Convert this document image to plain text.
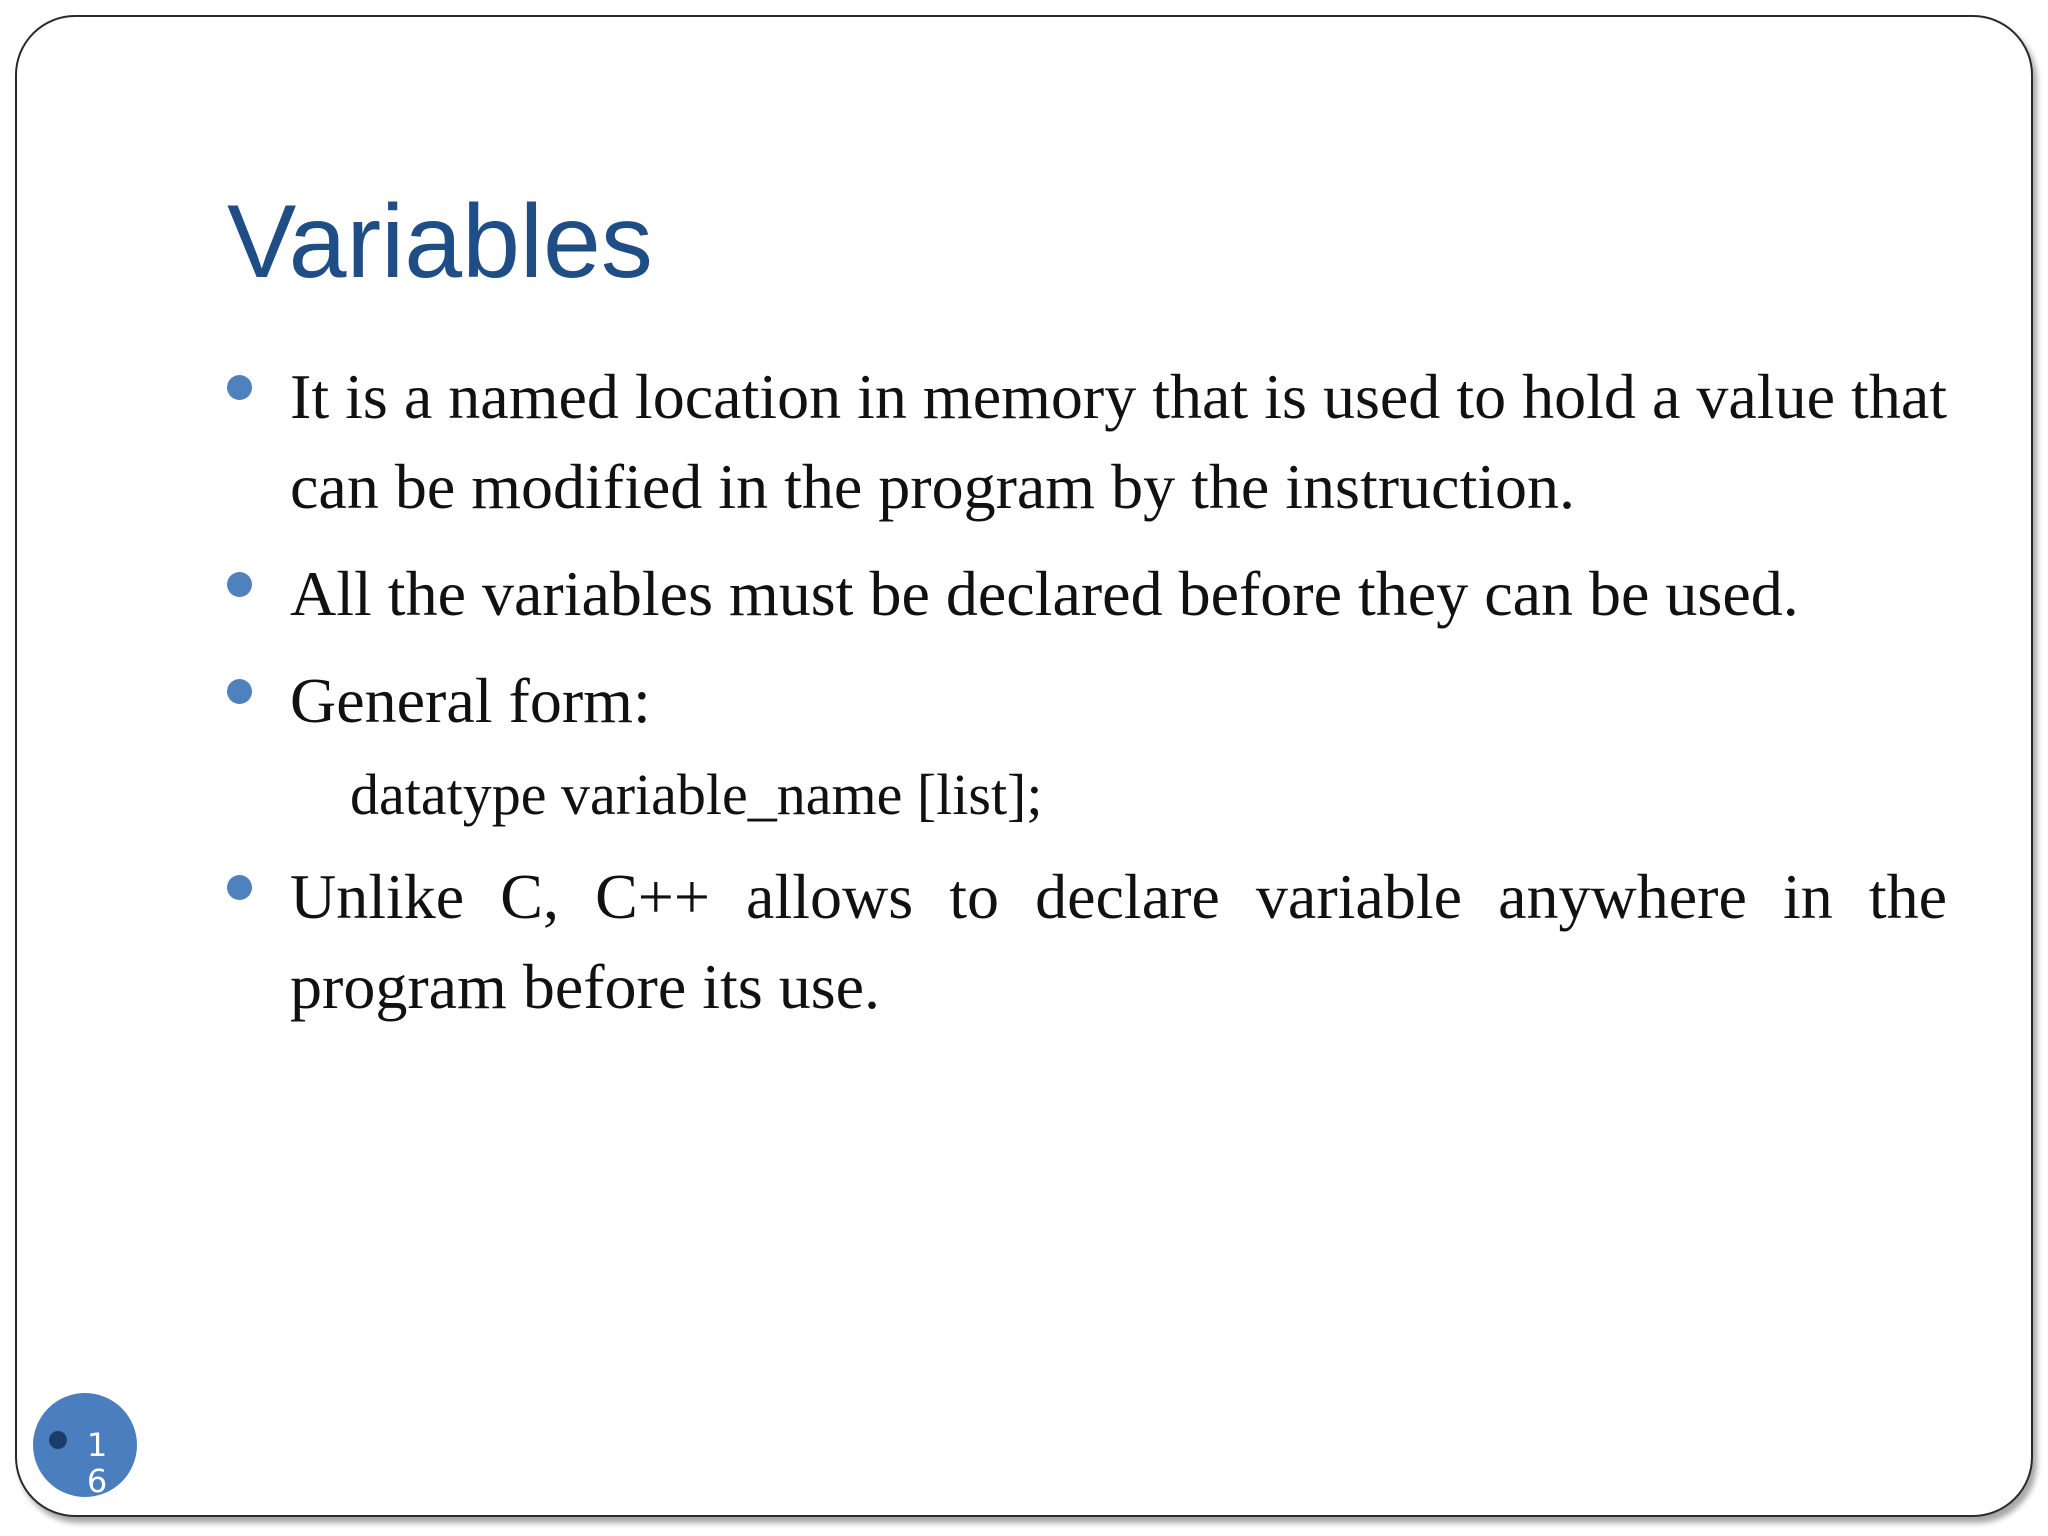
Variables
It is a named location in memory that is used to hold a value that can be modified in the program by the instruction.
All the variables must be declared before they can be used.
General form:
datatype variable_name [list];
Unlike C, C++ allows to declare variable anywhere in the program before its use.
16
